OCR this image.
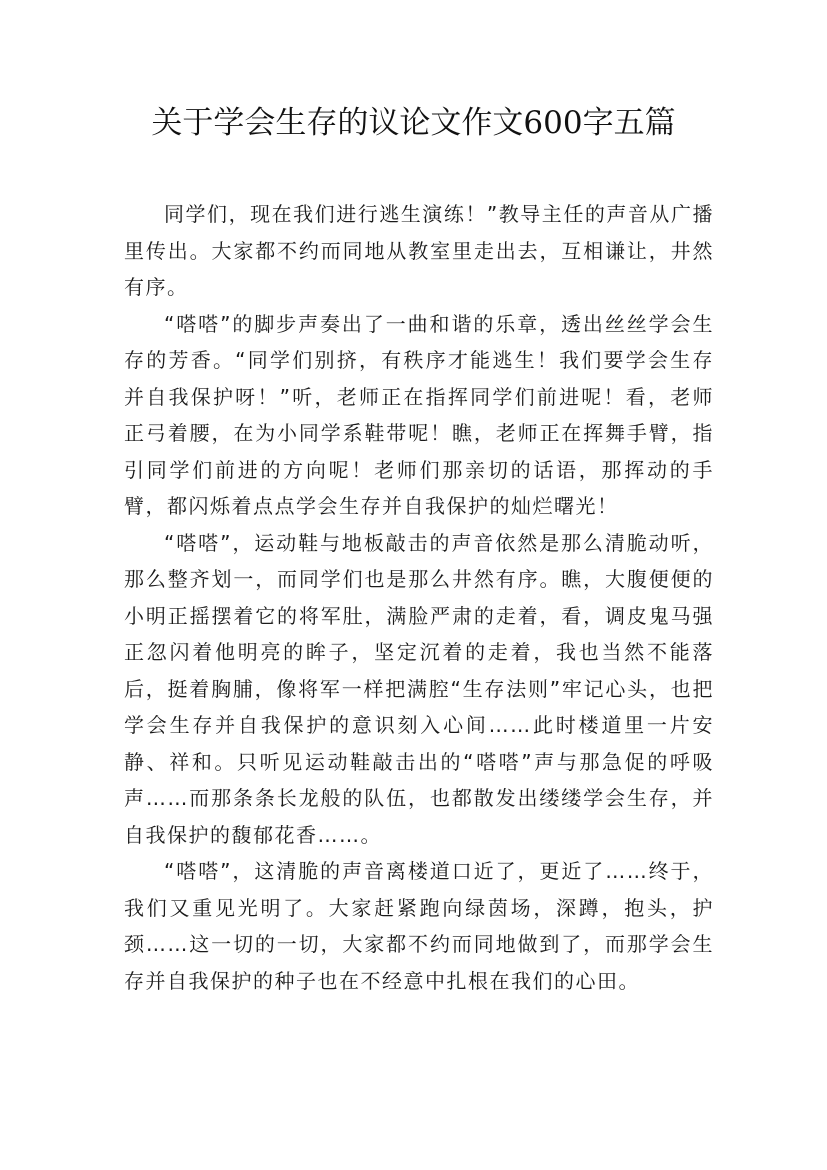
关于学会生存的议论文作文600字五篇

同学们，现在我们进行逃生演练！”教导主任的声音从广播里传出。大家都不约而同地从教室里走出去，互相谦让，井然有序。

“嗒嗒”的脚步声奏出了一曲和谐的乐章，透出丝丝学会生存的芳香。“同学们别挤，有秩序才能逃生！我们要学会生存并自我保护呀！”听，老师正在指挥同学们前进呢！看，老师正弓着腰，在为小同学系鞋带呢！瞧，老师正在挥舞手臂，指引同学们前进的方向呢！老师们那亲切的话语，那挥动的手臂，都闪烁着点点学会生存并自我保护的灿烂曙光！

“嗒嗒”，运动鞋与地板敲击的声音依然是那么清脆动听，那么整齐划一，而同学们也是那么井然有序。瞧，大腹便便的小明正摇摆着它的将军肚，满脸严肃的走着，看，调皮鬼马强正忽闪着他明亮的眸子，坚定沉着的走着，我也当然不能落后，挺着胸脯，像将军一样把满腔“生存法则”牢记心头，也把学会生存并自我保护的意识刻入心间……此时楼道里一片安静、祥和。只听见运动鞋敲击出的“嗒嗒”声与那急促的呼吸声……而那条条长龙般的队伍，也都散发出缕缕学会生存，并自我保护的馥郁花香……。

“嗒嗒”，这清脆的声音离楼道口近了，更近了……终于，我们又重见光明了。大家赶紧跑向绿茵场，深蹲，抱头，护颈……这一切的一切，大家都不约而同地做到了，而那学会生存并自我保护的种子也在不经意中扎根在我们的心田。
